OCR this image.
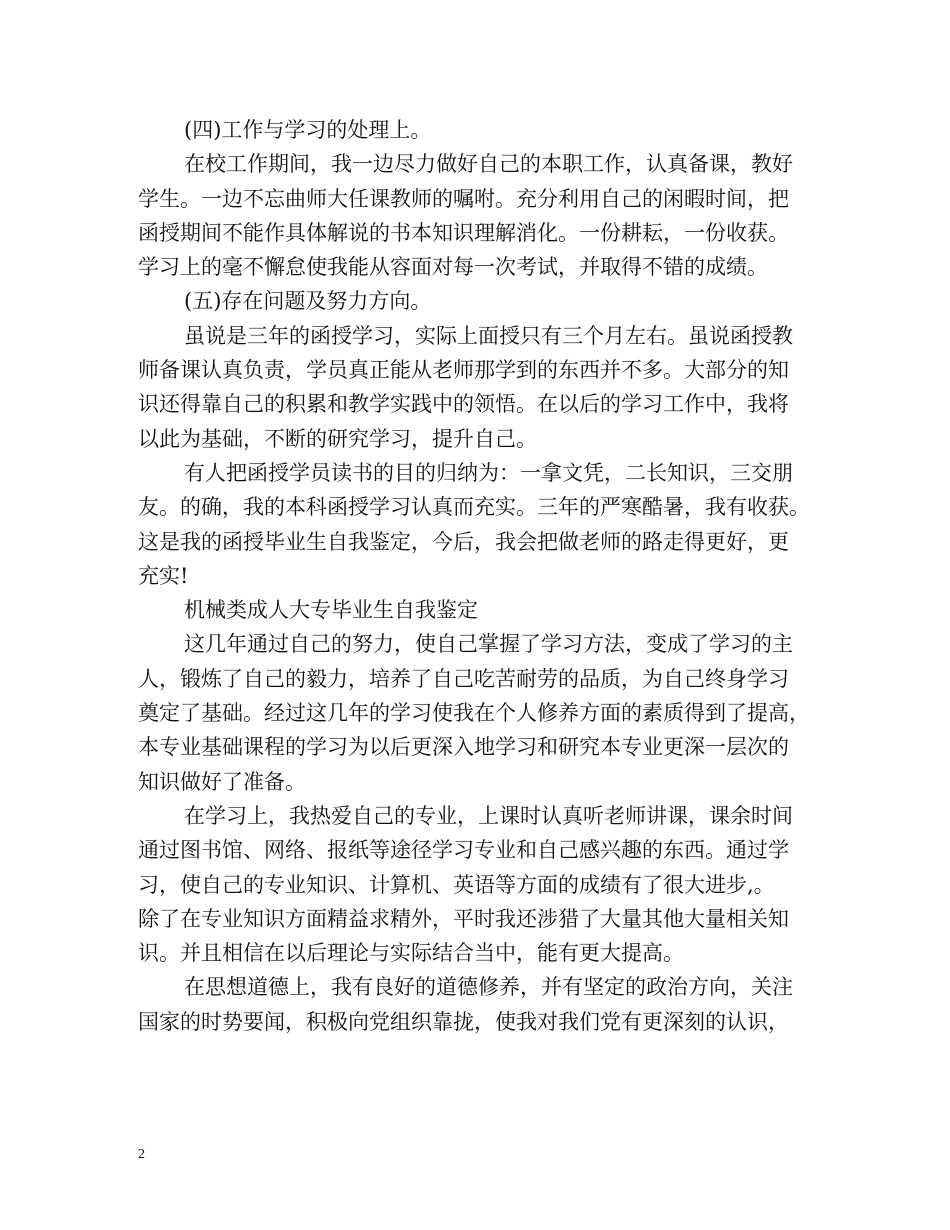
(四)工作与学习的处理上。
在校工作期间，我一边尽力做好自己的本职工作，认真备课，教好
学生。一边不忘曲师大任课教师的嘱咐。充分利用自己的闲暇时间，把
函授期间不能作具体解说的书本知识理解消化。一份耕耘，一份收获。
学习上的毫不懈怠使我能从容面对每一次考试，并取得不错的成绩。
(五)存在问题及努力方向。
虽说是三年的函授学习，实际上面授只有三个月左右。虽说函授教
师备课认真负责，学员真正能从老师那学到的东西并不多。大部分的知
识还得靠自己的积累和教学实践中的领悟。在以后的学习工作中，我将
以此为基础，不断的研究学习，提升自己。
有人把函授学员读书的目的归纳为：一拿文凭，二长知识，三交朋
友。的确，我的本科函授学习认真而充实。三年的严寒酷暑，我有收获。
这是我的函授毕业生自我鉴定，今后，我会把做老师的路走得更好，更
充实!
机械类成人大专毕业生自我鉴定
这几年通过自己的努力，使自己掌握了学习方法，变成了学习的主
人，锻炼了自己的毅力，培养了自己吃苦耐劳的品质，为自己终身学习
奠定了基础。经过这几年的学习使我在个人修养方面的素质得到了提高，
本专业基础课程的学习为以后更深入地学习和研究本专业更深一层次的
知识做好了准备。
在学习上，我热爱自己的专业，上课时认真听老师讲课，课余时间
通过图书馆、网络、报纸等途径学习专业和自己感兴趣的东西。通过学
习，使自己的专业知识、计算机、英语等方面的成绩有了很大进步,。
除了在专业知识方面精益求精外，平时我还涉猎了大量其他大量相关知
识。并且相信在以后理论与实际结合当中，能有更大提高。
在思想道德上，我有良好的道德修养，并有坚定的政治方向，关注
国家的时势要闻，积极向党组织靠拢，使我对我们党有更深刻的认识，
2
